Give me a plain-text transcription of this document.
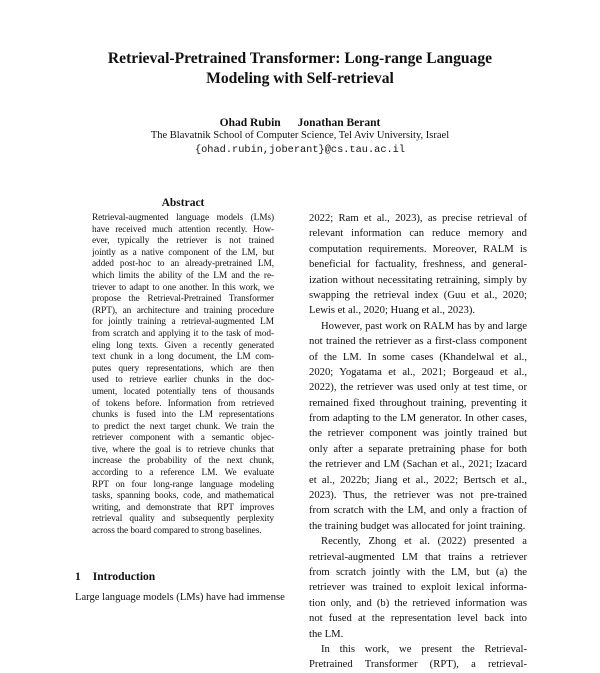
Retrieval-Pretrained Transformer: Long-range Language
Modeling with Self-retrieval
Ohad Rubin Jonathan Berant
The Blavatnik School of Computer Science, Tel Aviv University, Israel
{ohad.rubin,joberant}@cs.tau.ac.il
Abstract
Retrieval-augmented language models (LMs)
have received much attention recently. How-
ever, typically the retriever is not trained
jointly as a native component of the LM, but
added post-hoc to an already-pretrained LM,
which limits the ability of the LM and the re-
triever to adapt to one another. In this work, we
propose the Retrieval-Pretrained Transformer
(RPT), an architecture and training procedure
for jointly training a retrieval-augmented LM
from scratch and applying it to the task of mod-
eling long texts. Given a recently generated
text chunk in a long document, the LM com-
putes query representations, which are then
used to retrieve earlier chunks in the doc-
ument, located potentially tens of thousands
of tokens before. Information from retrieved
chunks is fused into the LM representations
to predict the next target chunk. We train the
retriever component with a semantic objec-
tive, where the goal is to retrieve chunks that
increase the probability of the next chunk,
according to a reference LM. We evaluate
RPT on four long-range language modeling
tasks, spanning books, code, and mathematical
writing, and demonstrate that RPT improves
retrieval quality and subsequently perplexity
across the board compared to strong baselines.
1 Introduction
Large language models (LMs) have had immense
2022; Ram et al., 2023), as precise retrieval of
relevant information can reduce memory and
computation requirements. Moreover, RALM is
beneficial for factuality, freshness, and general-
ization without necessitating retraining, simply by
swapping the retrieval index (Guu et al., 2020;
Lewis et al., 2020; Huang et al., 2023).
However, past work on RALM has by and large
not trained the retriever as a first-class component
of the LM. In some cases (Khandelwal et al.,
2020; Yogatama et al., 2021; Borgeaud et al.,
2022), the retriever was used only at test time, or
remained fixed throughout training, preventing it
from adapting to the LM generator. In other cases,
the retriever component was jointly trained but
only after a separate pretraining phase for both
the retriever and LM (Sachan et al., 2021; Izacard
et al., 2022b; Jiang et al., 2022; Bertsch et al.,
2023). Thus, the retriever was not pre-trained
from scratch with the LM, and only a fraction of
the training budget was allocated for joint training.
Recently, Zhong et al. (2022) presented a
retrieval-augmented LM that trains a retriever
from scratch jointly with the LM, but (a) the
retriever was trained to exploit lexical informa-
tion only, and (b) the retrieved information was
not fused at the representation level back into
the LM.
In this work, we present the Retrieval-
Pretrained Transformer (RPT), a retrieval-
